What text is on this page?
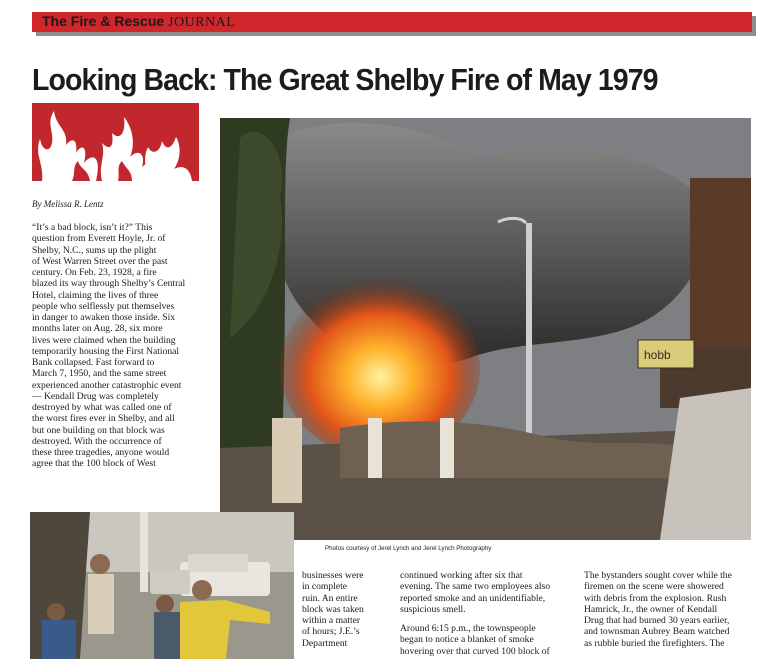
The Fire & Rescue JOURNAL
Looking Back: The Great Shelby Fire of May 1979
By Melissa R. Lentz

“It’s a bad block, isn’t it?” This

question from Everett Hoyle, Jr. of

Shelby, N.C., sums up the plight

of West Warren Street over the past

century. On Feb. 23, 1928, a fire

blazed its way through Shelby’s Central

Hotel, claiming the lives of three

people who selflessly put themselves

in danger to awaken those inside. Six

months later on Aug. 28, six more

lives were claimed when the building

temporarily housing the First National

Bank collapsed. Fast forward to

March 7, 1950, and the same street

experienced another catastrophic event

— Kendall Drug was completely

destroyed by what was called one of

the worst fires ever in Shelby, and all

but one building on that block was

destroyed. With the occurrence of

these three tragedies, anyone would

agree that the 100 block of West

hobb
Photos courtesy of Jerel Lynch and Jerel Lynch Photography
businesses were
in complete
ruin. An entire
block was taken
within a matter
of hours; J.E.’s
Department

continued working after six that
evening. The same two employees also
reported smoke and an unidentifiable,
suspicious smell.

Around 6:15 p.m., the townspeople
began to notice a blanket of smoke
hovering over that curved 100 block of

The bystanders sought cover while the
firemen on the scene were showered
with debris from the explosion. Rush
Hamrick, Jr., the owner of Kendall
Drug that had burned 30 years earlier,
and townsman Aubrey Beam watched
as rubble buried the firefighters. The
